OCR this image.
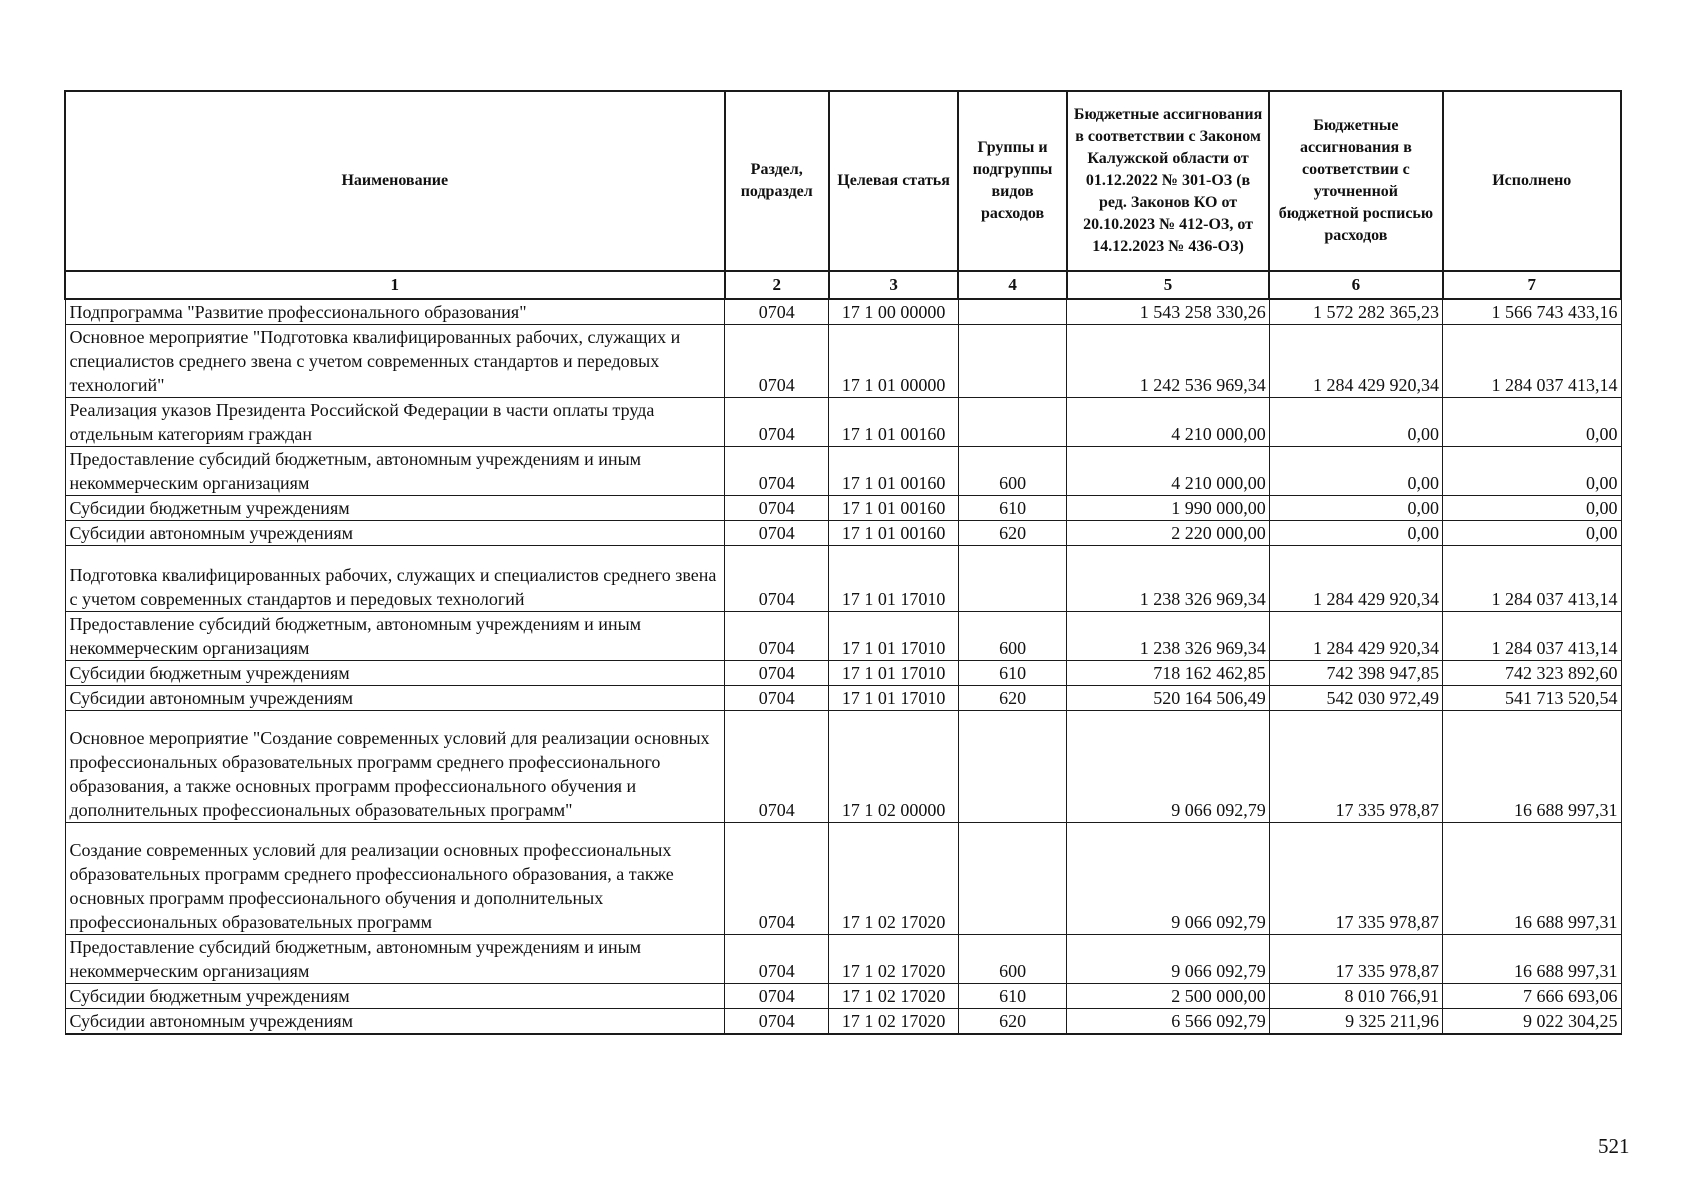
Наименование	Раздел, подраздел	Целевая статья	Группы и подгруппы видов расходов	Бюджетные ассигнования в соответствии с Законом Калужской области от 01.12.2022 № 301-ОЗ (в ред. Законов КО от 20.10.2023 № 412-ОЗ, от 14.12.2023 № 436-ОЗ)	Бюджетные ассигнования в соответствии с уточненной бюджетной росписью расходов	Исполнено
1	2	3	4	5	6	7
Подпрограмма "Развитие профессионального образования"	0704	17 1 00 00000		1 543 258 330,26	1 572 282 365,23	1 566 743 433,16
Основное мероприятие "Подготовка квалифицированных рабочих, служащих и специалистов среднего звена с учетом современных стандартов и передовых технологий"	0704	17 1 01 00000		1 242 536 969,34	1 284 429 920,34	1 284 037 413,14
Реализация указов Президента Российской Федерации в части оплаты труда отдельным категориям граждан	0704	17 1 01 00160		4 210 000,00	0,00	0,00
Предоставление субсидий бюджетным, автономным учреждениям и иным некоммерческим организациям	0704	17 1 01 00160	600	4 210 000,00	0,00	0,00
Субсидии бюджетным учреждениям	0704	17 1 01 00160	610	1 990 000,00	0,00	0,00
Субсидии автономным учреждениям	0704	17 1 01 00160	620	2 220 000,00	0,00	0,00
Подготовка квалифицированных рабочих, служащих и специалистов среднего звена с учетом современных стандартов и передовых технологий	0704	17 1 01 17010		1 238 326 969,34	1 284 429 920,34	1 284 037 413,14
Предоставление субсидий бюджетным, автономным учреждениям и иным некоммерческим организациям	0704	17 1 01 17010	600	1 238 326 969,34	1 284 429 920,34	1 284 037 413,14
Субсидии бюджетным учреждениям	0704	17 1 01 17010	610	718 162 462,85	742 398 947,85	742 323 892,60
Субсидии автономным учреждениям	0704	17 1 01 17010	620	520 164 506,49	542 030 972,49	541 713 520,54
Основное мероприятие "Создание современных условий для реализации основных профессиональных образовательных программ среднего профессионального образования, а также основных программ профессионального обучения и дополнительных профессиональных образовательных программ"	0704	17 1 02 00000		9 066 092,79	17 335 978,87	16 688 997,31
Создание современных условий для реализации основных профессиональных образовательных программ среднего профессионального образования, а также основных программ профессионального обучения и дополнительных профессиональных образовательных программ	0704	17 1 02 17020		9 066 092,79	17 335 978,87	16 688 997,31
Предоставление субсидий бюджетным, автономным учреждениям и иным некоммерческим организациям	0704	17 1 02 17020	600	9 066 092,79	17 335 978,87	16 688 997,31
Субсидии бюджетным учреждениям	0704	17 1 02 17020	610	2 500 000,00	8 010 766,91	7 666 693,06
Субсидии автономным учреждениям	0704	17 1 02 17020	620	6 566 092,79	9 325 211,96	9 022 304,25
521
